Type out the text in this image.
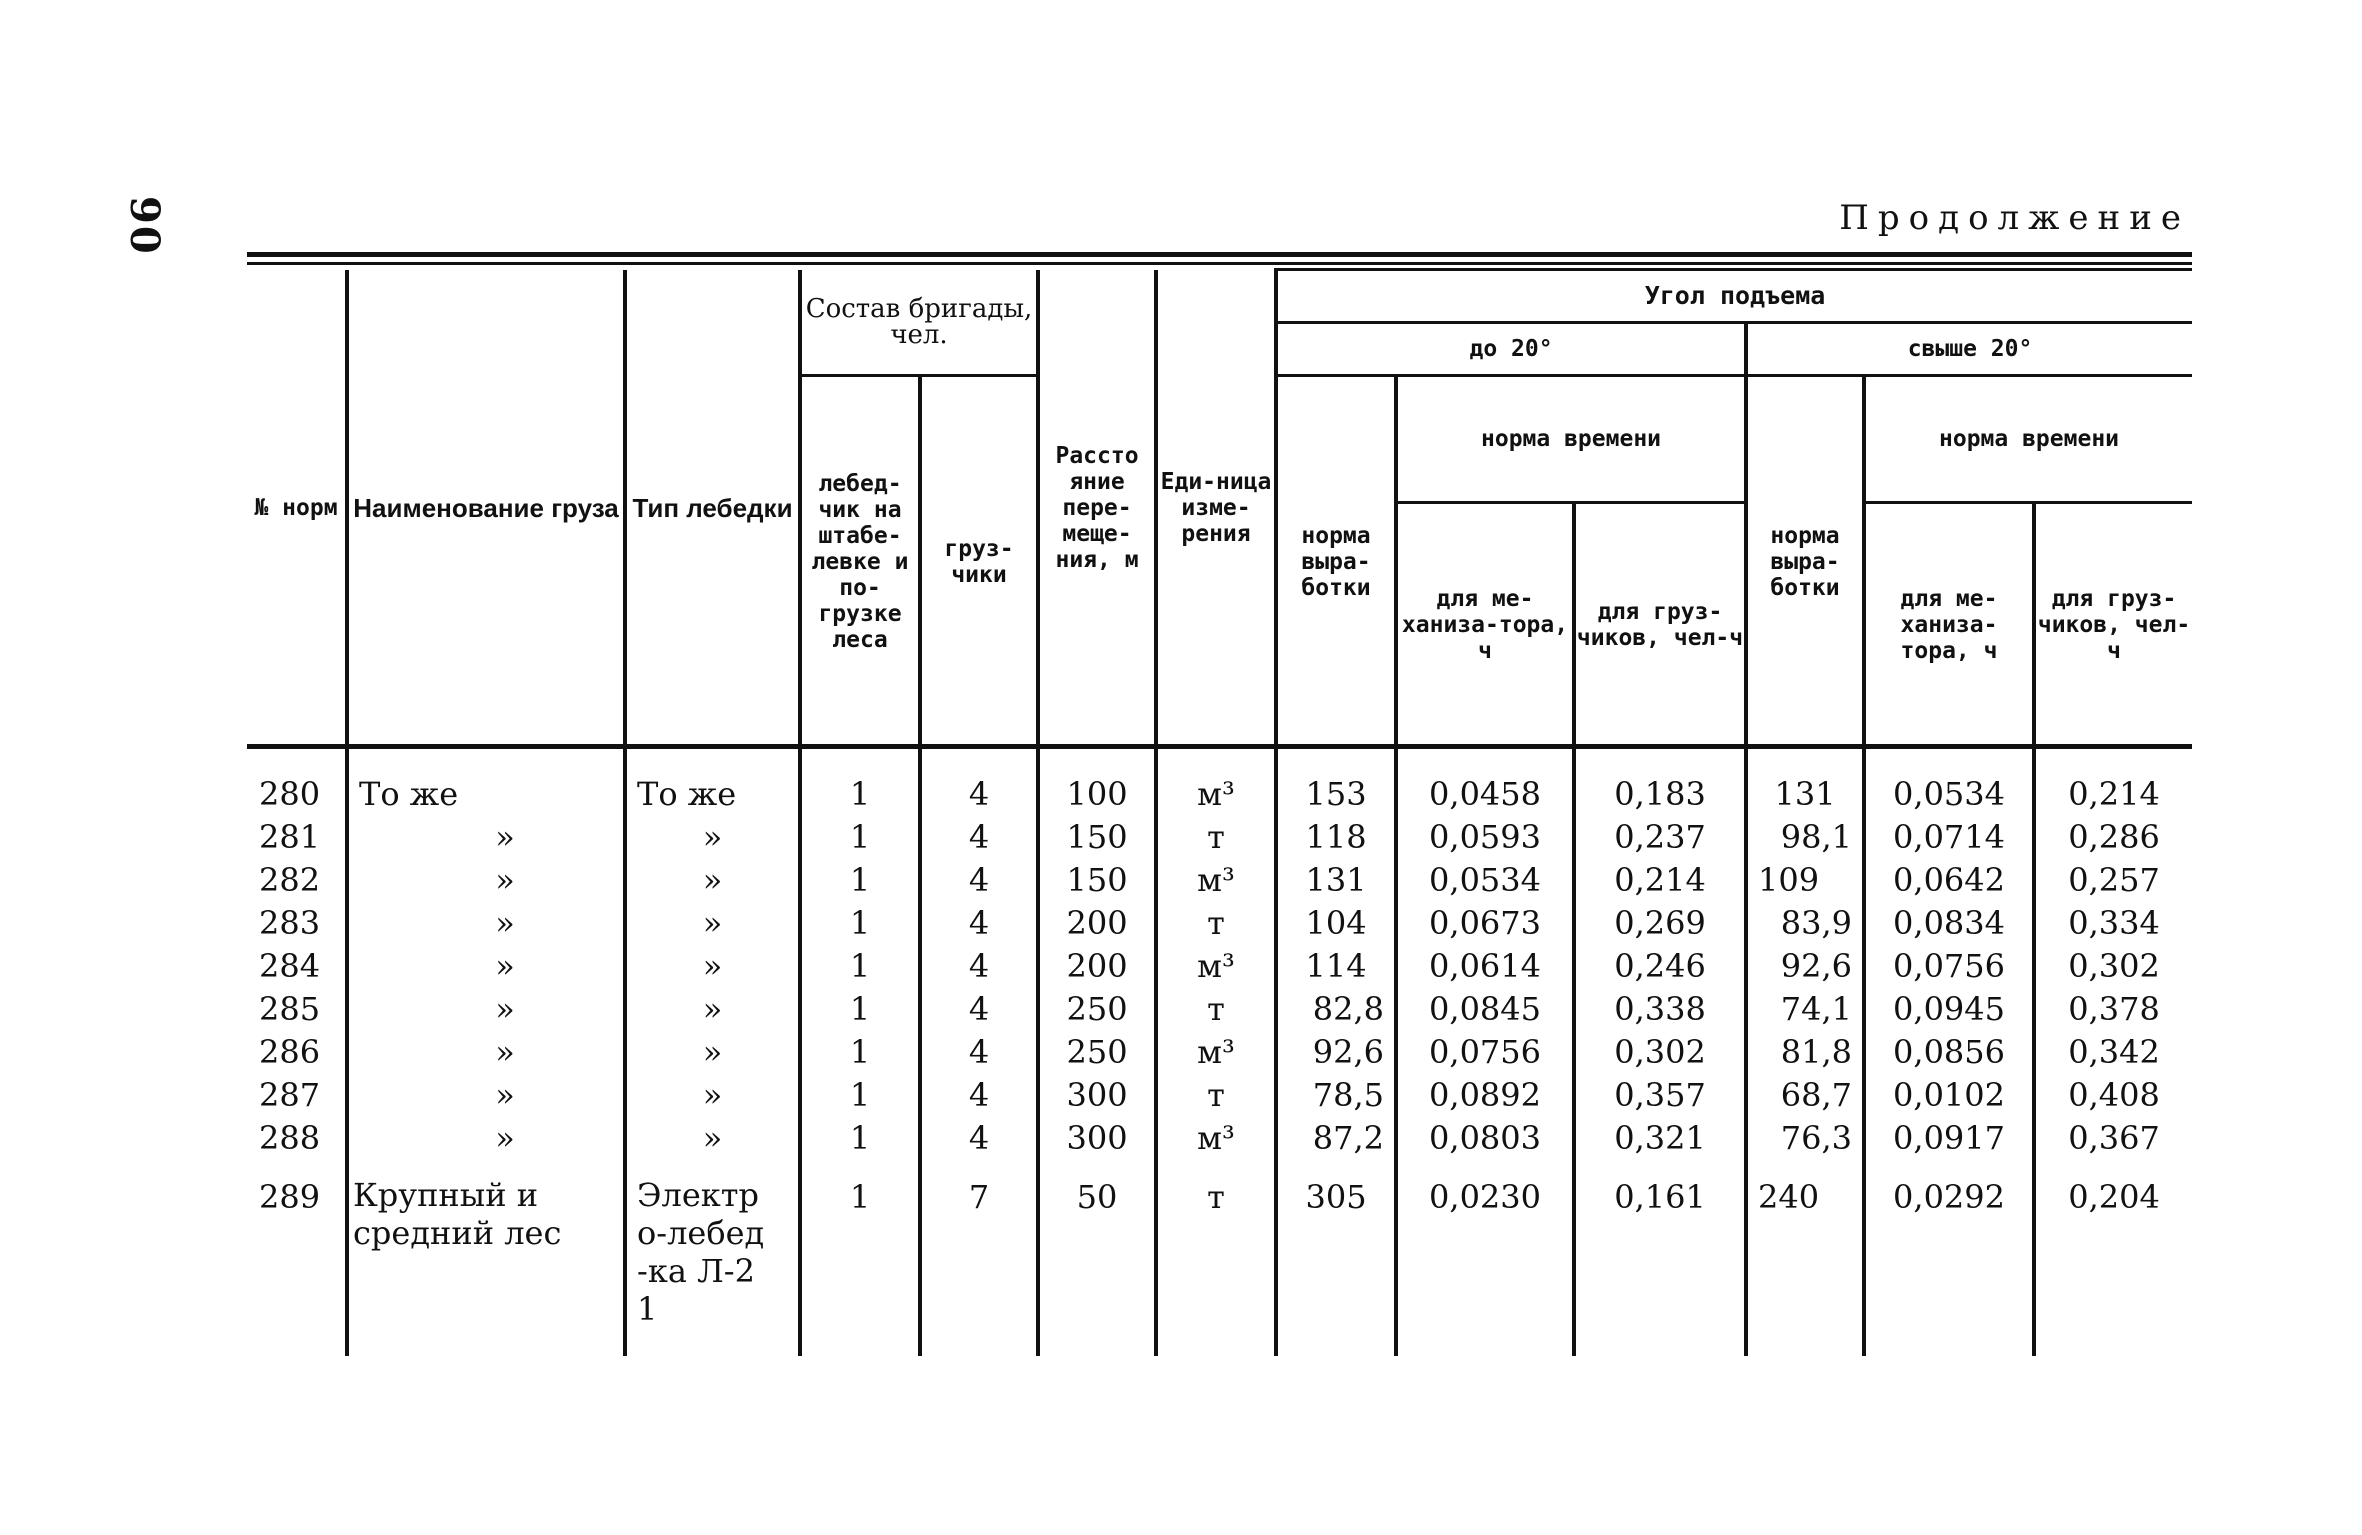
90	Продолжение
№ норм	Наименование груза	Тип лебедки	Состав бригады, чел.		Рассто яние пере-меще-ния, м	Еди-ница изме-рения	Угол подъема					
							до 20°			свыше 20°		
			лебед-чик на штабе-левке и по-грузке леса	груз-чики			норма выра-ботки	норма времени		норма выра-ботки	норма времени	
								для ме-ханиза-тора, ч	для груз-чиков, чел-ч		для ме-ханиза-тора, ч	для груз-чиков, чел-ч

280	То же	То же	1	4	100	м³	153	0,0458	0,183	131	0,0534	0,214
281	»	»	1	4	150	т	118	0,0593	0,237	98,1	0,0714	0,286
282	»	»	1	4	150	м³	131	0,0534	0,214	109	0,0642	0,257
283	»	»	1	4	200	т	104	0,0673	0,269	83,9	0,0834	0,334
284	»	»	1	4	200	м³	114	0,0614	0,246	92,6	0,0756	0,302
285	»	»	1	4	250	т	82,8	0,0845	0,338	74,1	0,0945	0,378
286	»	»	1	4	250	м³	92,6	0,0756	0,302	81,8	0,0856	0,342
287	»	»	1	4	300	т	78,5	0,0892	0,357	68,7	0,0102	0,408
288	»	»	1	4	300	м³	87,2	0,0803	0,321	76,3	0,0917	0,367
289	Крупный и средний лес	Электро-лебед-ка Л-21	1	7	50	т	305	0,0230	0,161	240	0,0292	0,204
